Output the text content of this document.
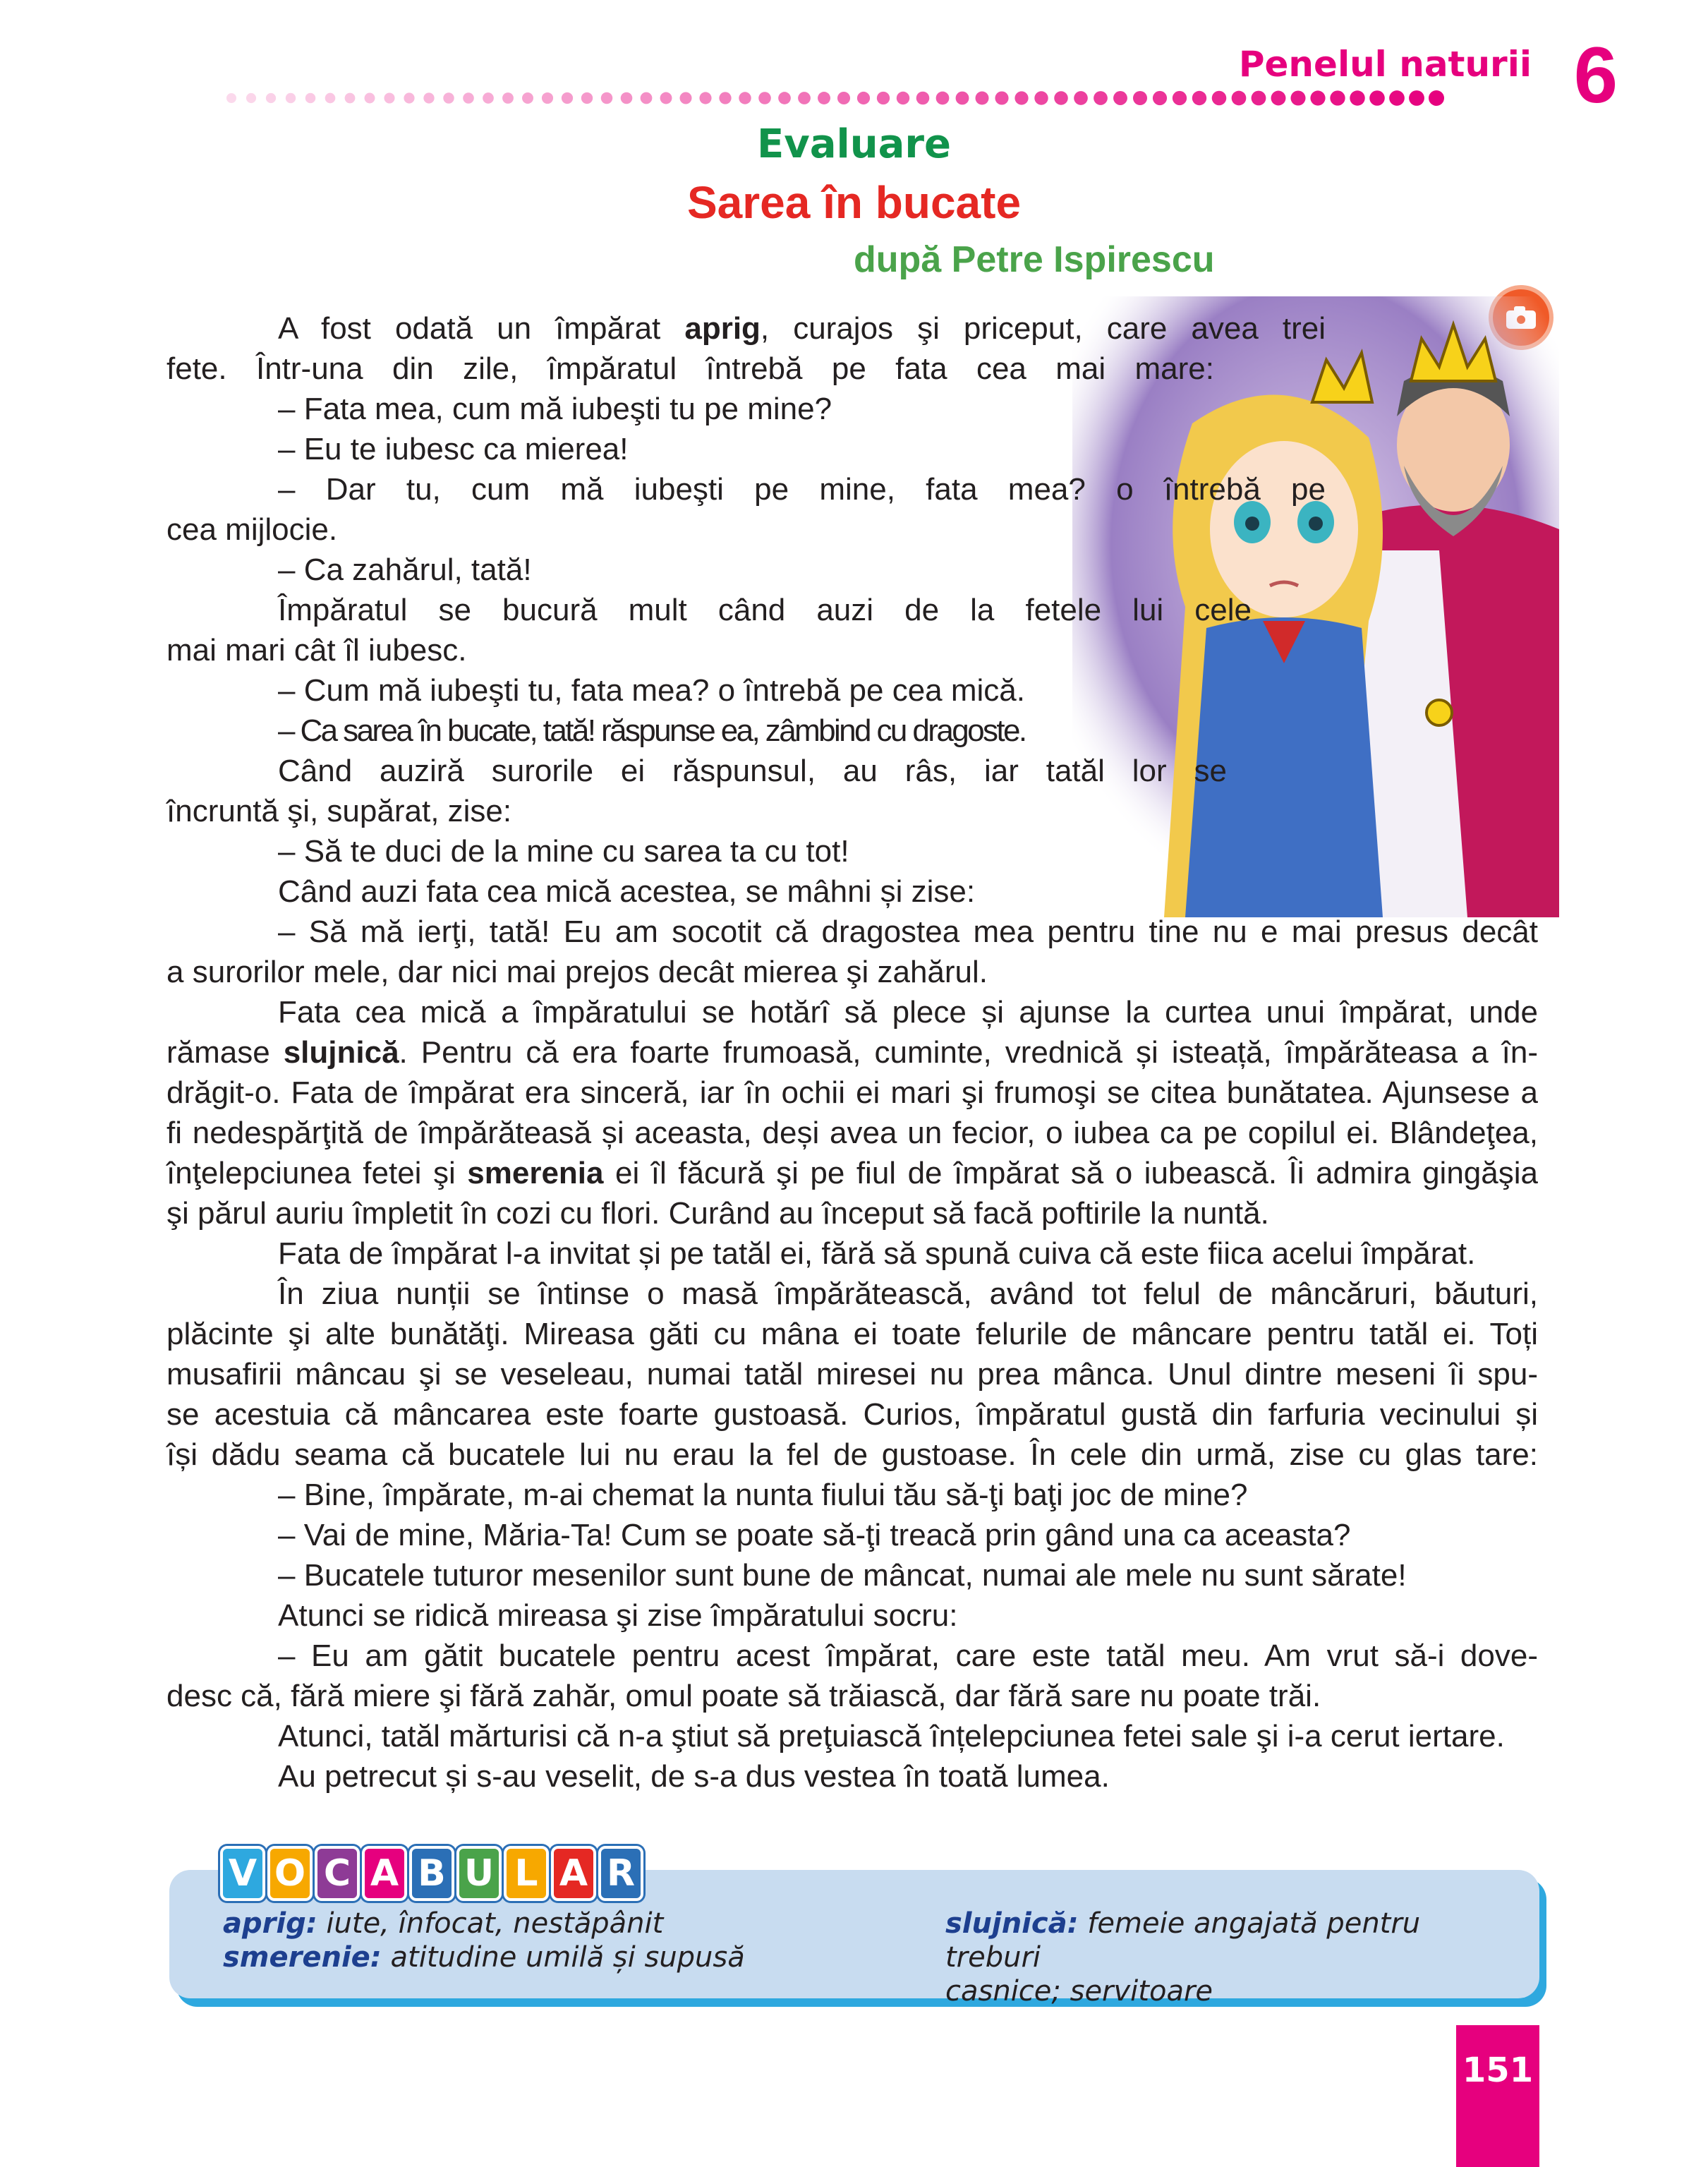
Penelul naturii 6
Evaluare
Sarea în bucate
după Petre Ispirescu
A fost odată un împărat aprig, curajos şi priceput, care avea trei
fete. Într-una din zile, împăratul întrebă pe fata cea mai mare:
– Fata mea, cum mă iubeşti tu pe mine?
– Eu te iubesc ca mierea!
– Dar tu, cum mă iubeşti pe mine, fata mea? o întrebă pe
cea mijlocie.
– Ca zahărul, tată!
Împăratul se bucură mult când auzi de la fetele lui cele
mai mari cât îl iubesc.
– Cum mă iubeşti tu, fata mea? o întrebă pe cea mică.
– Ca sarea în bucate, tată! răspunse ea, zâmbind cu dragoste.
Când auziră surorile ei răspunsul, au râs, iar tatăl lor se
încruntă şi, supărat, zise:
– Să te duci de la mine cu sarea ta cu tot!
Când auzi fata cea mică acestea, se mâhni și zise:
– Să mă ierţi, tată! Eu am socotit că dragostea mea pentru tine nu e mai presus decât
a surorilor mele, dar nici mai prejos decât mierea şi zahărul.
Fata cea mică a împăratului se hotărî să plece și ajunse la curtea unui împărat, unde
rămase slujnică. Pentru că era foarte frumoasă, cuminte, vrednică și isteață, împărăteasa a în-
drăgit-o. Fata de împărat era sinceră, iar în ochii ei mari şi frumoşi se citea bunătatea. Ajunsese a
fi nedespărţită de împărăteasă și aceasta, deși avea un fecior, o iubea ca pe copilul ei. Blândeţea,
înţelepciunea fetei şi smerenia ei îl făcură şi pe fiul de împărat să o iubească. Îi admira gingăşia
şi părul auriu împletit în cozi cu flori. Curând au început să facă poftirile la nuntă.
Fata de împărat l-a invitat și pe tatăl ei, fără să spună cuiva că este fiica acelui împărat.
În ziua nunții se întinse o masă împărătească, având tot felul de mâncăruri, băuturi,
plăcinte şi alte bunătăţi. Mireasa găti cu mâna ei toate felurile de mâncare pentru tatăl ei. Toți
musafirii mâncau şi se veseleau, numai tatăl miresei nu prea mânca. Unul dintre meseni îi spu-
se acestuia că mâncarea este foarte gustoasă. Curios, împăratul gustă din farfuria vecinului și
își dădu seama că bucatele lui nu erau la fel de gustoase. În cele din urmă, zise cu glas tare:
– Bine, împărate, m-ai chemat la nunta fiului tău să-ţi baţi joc de mine?
– Vai de mine, Măria-Ta! Cum se poate să-ţi treacă prin gând una ca aceasta?
– Bucatele tuturor mesenilor sunt bune de mâncat, numai ale mele nu sunt sărate!
Atunci se ridică mireasa şi zise împăratului socru:
– Eu am gătit bucatele pentru acest împărat, care este tatăl meu. Am vrut să-i dove-
desc că, fără miere şi fără zahăr, omul poate să trăiască, dar fără sare nu poate trăi.
Atunci, tatăl mărturisi că n-a ştiut să preţuiască înțelepciunea fetei sale şi i-a cerut iertare.
Au petrecut și s-au veselit, de s-a dus vestea în toată lumea.
V O C A B U L A R
aprig: iute, înfocat, nestăpânit
smerenie: atitudine umilă și supusă
slujnică: femeie angajată pentru treburi
casnice; servitoare
151
